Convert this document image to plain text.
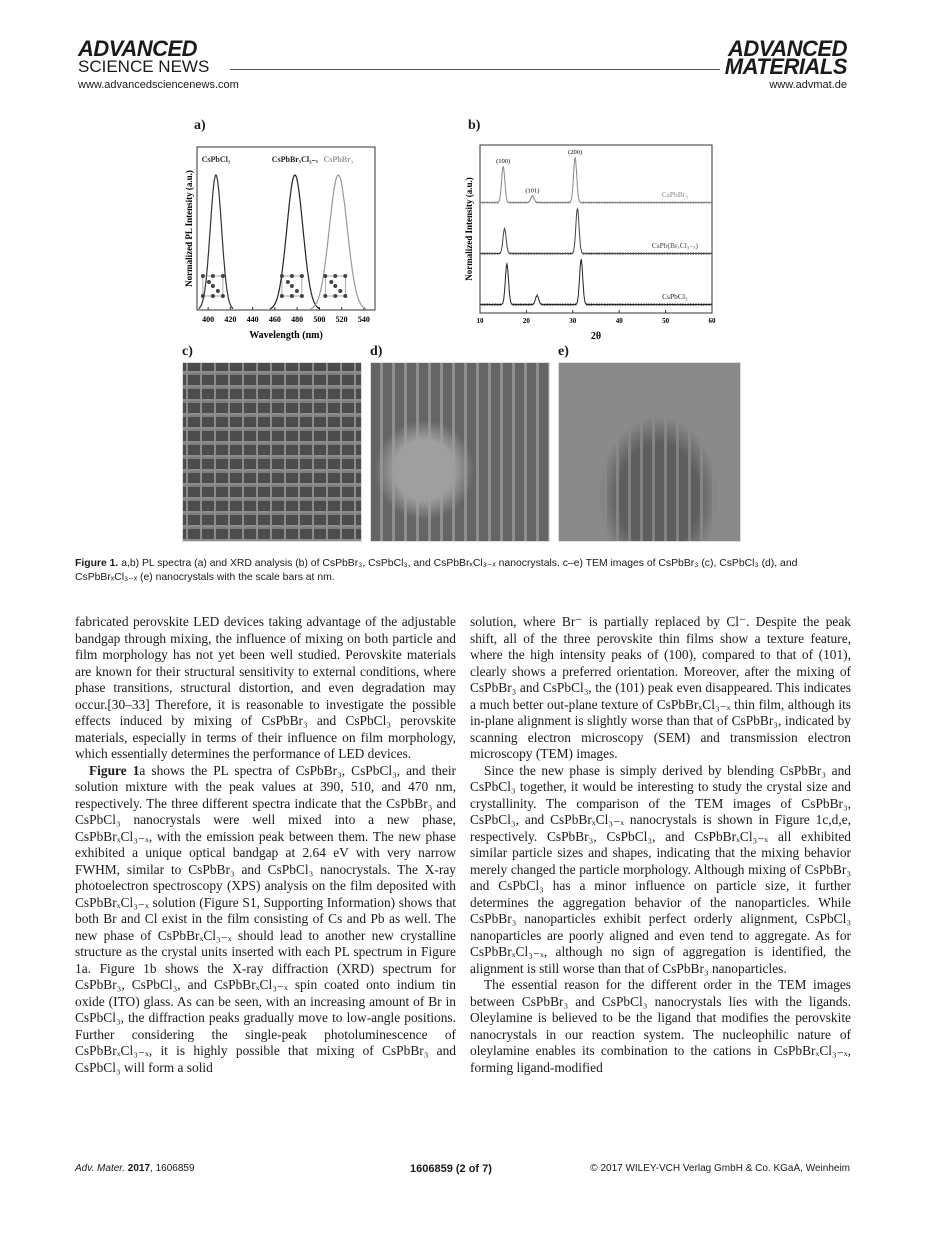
ADVANCED
SCIENCE NEWS
ADVANCED
MATERIALS
www.advancedsciencenews.com	www.advmat.de
a)	b)
400 420 440 460 480 500 520 540
Wavelength (nm)
Normalized PL Intensity (a.u.)
CsPbCl₃	CsPbBrₓCl₃₋ₓ CsPbBr₃
10	20	30	40	50	60
2θ
Normalized Intensity (a.u.)	CsPbBr₃
CsPb(BrₓCl₃₋ₓ)
CsPbCl₃
(100)
(101)
(200)
c)	d)	e)
Figure 1. a,b) PL spectra (a) and XRD analysis (b) of CsPbBr₃, CsPbCl₃, and CsPbBrₓCl₃₋ₓ nanocrystals. c–e) TEM images of CsPbBr₃ (c), CsPbCl₃ (d), and CsPbBrₓCl₃₋ₓ (e) nanocrystals with the scale bars at nm.

fabricated perovskite LED devices taking advantage of the adjustable bandgap through mixing, the influence of mixing on both particle and film morphology has not yet been well studied. Perovskite materials are known for their structural sensitivity to external conditions, where phase transitions, structural distortion, and even degradation may occur.[30–33] Therefore, it is reasonable to investigate the possible effects induced by mixing of CsPbBr₃ and CsPbCl₃ perovskite materials, especially in terms of their influence on film morphology, which essentially determines the performance of LED devices.

Figure 1a shows the PL spectra of CsPbBr₃, CsPbCl₃, and their solution mixture with the peak values at 390, 510, and 470 nm, respectively. The three different spectra indicate that the CsPbBr₃ and CsPbCl₃ nanocrystals were well mixed into a new phase, CsPbBrₓCl₃₋ₓ, with the emission peak between them. The new phase exhibited a unique optical bandgap at 2.64 eV with very narrow FWHM, similar to CsPbBr₃ and CsPbCl₃ nanocrystals. The X-ray photoelectron spectroscopy (XPS) analysis on the film deposited with CsPbBrₓCl₃₋ₓ solution (Figure S1, Supporting Information) shows that both Br and Cl exist in the film consisting of Cs and Pb as well. The new phase of CsPbBrₓCl₃₋ₓ should lead to another new crystalline structure as the crystal units inserted with each PL spectrum in Figure 1a. Figure 1b shows the X-ray diffraction (XRD) spectrum for CsPbBr₃, CsPbCl₃, and CsPbBrₓCl₃₋ₓ spin coated onto indium tin oxide (ITO) glass. As can be seen, with an increasing amount of Br in CsPbCl₃, the diffraction peaks gradually move to low-angle positions. Further considering the single-peak photoluminescence of CsPbBrₓCl₃₋ₓ, it is highly possible that mixing of CsPbBr₃ and CsPbCl₃ will form a solid

solution, where Br⁻ is partially replaced by Cl⁻. Despite the peak shift, all of the three perovskite thin films show a texture feature, where the high intensity peaks of (100), compared to that of (101), clearly shows a preferred orientation. Moreover, after the mixing of CsPbBr₃ and CsPbCl₃, the (101) peak even disappeared. This indicates a much better out-plane texture of CsPbBrₓCl₃₋ₓ thin film, although its in-plane alignment is slightly worse than that of CsPbBr₃, indicated by scanning electron microscopy (SEM) and transmission electron microscopy (TEM) images.

Since the new phase is simply derived by blending CsPbBr₃ and CsPbCl₃ together, it would be interesting to study the crystal size and crystallinity. The comparison of the TEM images of CsPbBr₃, CsPbCl₃, and CsPbBrₓCl₃₋ₓ nanocrystals is shown in Figure 1c,d,e, respectively. CsPbBr₃, CsPbCl₃, and CsPbBrₓCl₃₋ₓ all exhibited similar particle sizes and shapes, indicating that the mixing behavior merely changed the particle morphology. Although mixing of CsPbBr₃ and CsPbCl₃ has a minor influence on particle size, it further determines the aggregation behavior of the nanoparticles. While CsPbBr₃ nanoparticles exhibit perfect orderly alignment, CsPbCl₃ nanoparticles are poorly aligned and even tend to aggregate. As for CsPbBrₓCl₃₋ₓ, although no sign of aggregation is identified, the alignment is still worse than that of CsPbBr₃ nanoparticles.

The essential reason for the different order in the TEM images between CsPbBr₃ and CsPbCl₃ nanocrystals lies with the ligands. Oleylamine is believed to be the ligand that modifies the perovskite nanocrystals in our reaction system. The nucleophilic nature of oleylamine enables its combination to the cations in CsPbBrₓCl₃₋ₓ, forming ligand-modified

Adv. Mater. 2017, 1606859	1606859 (2 of 7)	© 2017 WILEY-VCH Verlag GmbH & Co. KGaA, Weinheim
